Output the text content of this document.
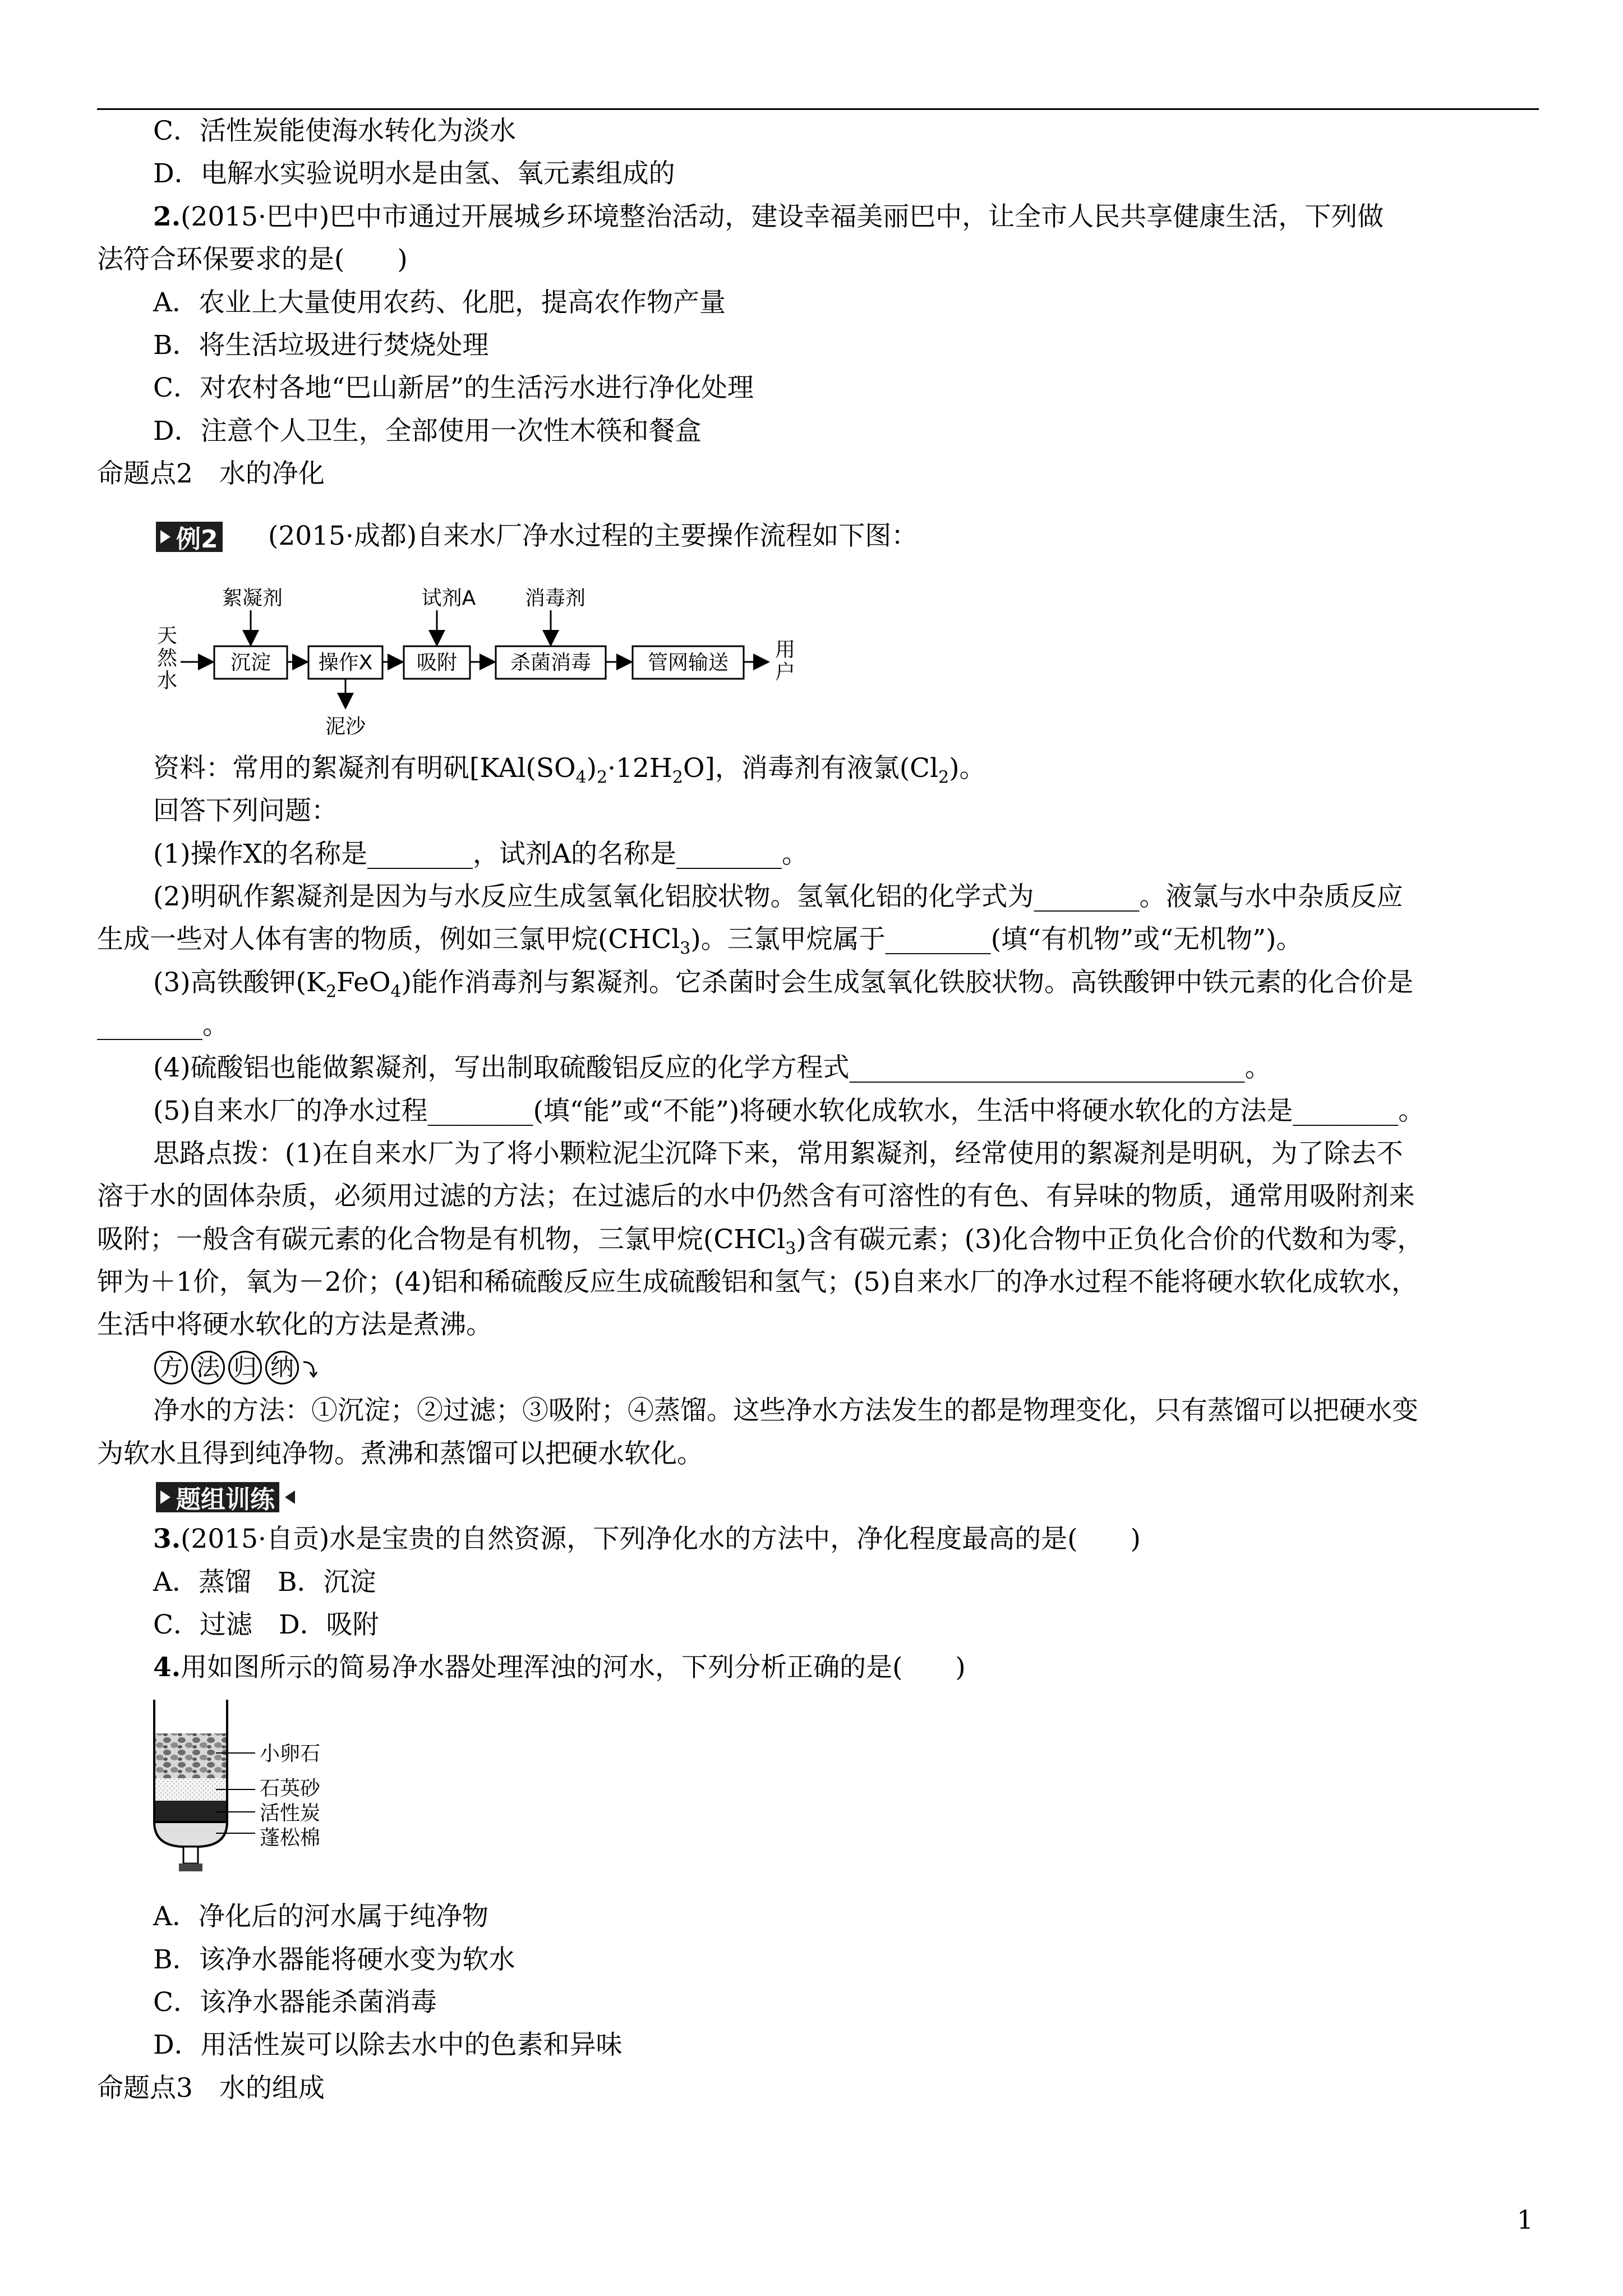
C．活性炭能使海水转化为淡水
D．电解水实验说明水是由氢、氧元素组成的
2.(2015·巴中)巴中市通过开展城乡环境整治活动，建设幸福美丽巴中，让全市人民共享健康生活，下列做
法符合环保要求的是(　　)
A．农业上大量使用农药、化肥，提高农作物产量
B．将生活垃圾进行焚烧处理
C．对农村各地“巴山新居”的生活污水进行净化处理
D．注意个人卫生，全部使用一次性木筷和餐盒
命题点2　水的净化
例2 (2015·成都)自来水厂净水过程的主要操作流程如下图：
天
然
水
沉淀 操作X 吸附	杀菌消毒	管网输送
用
户
絮凝剂	试剂A 消毒剂
泥沙
资料：常用的絮凝剂有明矾$[KAl(SO_4)_2\cdot 12H_2O]$，消毒剂有液氯$(Cl_2)$。
回答下列问题：
(1)操作X的名称是________，试剂A的名称是________。
(2)明矾作絮凝剂是因为与水反应生成氢氧化铝胶状物。氢氧化铝的化学式为________。液氯与水中杂质反应
生成一些对人体有害的物质，例如三氯甲烷(CHCl$_3$)。三氯甲烷属于________(填“有机物”或“无机物”)。
(3)高铁酸钾$(K_2FeO_4)$能作消毒剂与絮凝剂。它杀菌时会生成氢氧化铁胶状物。高铁酸钾中铁元素的化合价是
________。
(4)硫酸铝也能做絮凝剂，写出制取硫酸铝反应的化学方程式______________________________。
(5)自来水厂的净水过程________(填“能”或“不能”)将硬水软化成软水，生活中将硬水软化的方法是________。
思路点拨：(1)在自来水厂为了将小颗粒泥尘沉降下来，常用絮凝剂，经常使用的絮凝剂是明矾，为了除去不
溶于水的固体杂质，必须用过滤的方法；在过滤后的水中仍然含有可溶性的有色、有异味的物质，通常用吸附剂来
吸附；一般含有碳元素的化合物是有机物，三氯甲烷(CHCl$_3$)含有碳元素；(3)化合物中正负化合价的代数和为零，
钾为＋1价，氧为－2价；(4)铝和稀硫酸反应生成硫酸铝和氢气；(5)自来水厂的净水过程不能将硬水软化成软水，
生活中将硬水软化的方法是煮沸。
方 法 归 纳
净水的方法：①沉淀；②过滤；③吸附；④蒸馏。这些净水方法发生的都是物理变化，只有蒸馏可以把硬水变
为软水且得到纯净物。煮沸和蒸馏可以把硬水软化。
题组训练
3.(2015·自贡)水是宝贵的自然资源，下列净化水的方法中，净化程度最高的是(　　)
A．蒸馏　B．沉淀
C．过滤　D．吸附
4.用如图所示的简易净水器处理浑浊的河水，下列分析正确的是(　　)
小卵石
石英砂
活性炭
蓬松棉
A．净化后的河水属于纯净物
B．该净水器能将硬水变为软水
C．该净水器能杀菌消毒
D．用活性炭可以除去水中的色素和异味
命题点3　水的组成
1
